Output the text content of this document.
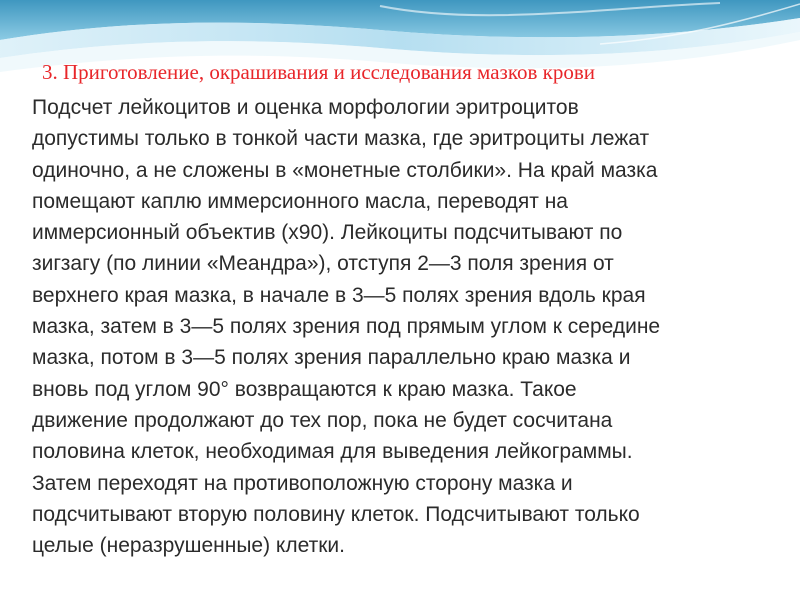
3. Приготовление, окрашивания и исследования мазков крови
Подсчет лейкоцитов и оценка морфологии эритроцитов
допустимы только в тонкой части мазка, где эритроциты лежат
одиночно, а не сложены в «монетные столбики». На край мазка
помещают каплю иммерсионного масла, переводят на
иммерсионный объектив (х90). Лейкоциты подсчитывают по
зигзагу (по линии «Меандра»), отступя 2—3 поля зрения от
верхнего края мазка, в начале в 3—5 полях зрения вдоль края
мазка, затем в 3—5 полях зрения под прямым углом к середине
мазка, потом в 3—5 полях зрения параллельно краю мазка и
вновь под углом 90° возвращаются к краю мазка. Такое
движение продолжают до тех пор, пока не будет сосчитана
половина клеток, необходимая для выведения лейкограммы.
Затем переходят на противоположную сторону мазка и
подсчитывают вторую половину клеток. Подсчитывают только
целые (неразрушенные) клетки.
